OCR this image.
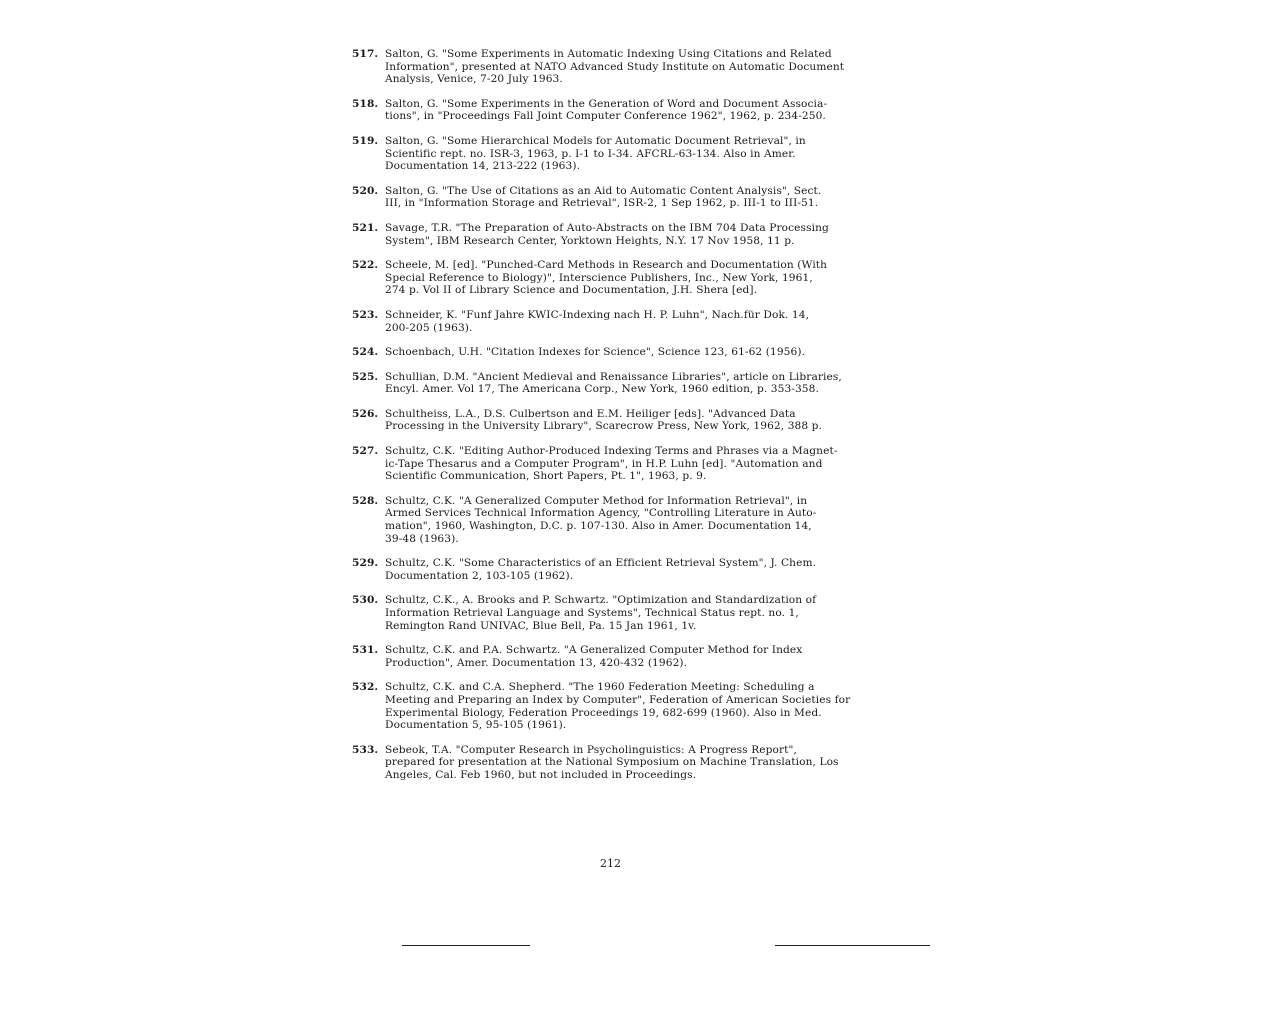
517. Salton, G. "Some Experiments in Automatic Indexing Using Citations and Related
Information", presented at NATO Advanced Study Institute on Automatic Document
Analysis, Venice, 7-20 July 1963.
518. Salton, G. "Some Experiments in the Generation of Word and Document Associa-
tions", in "Proceedings Fall Joint Computer Conference 1962", 1962, p. 234-250.
519. Salton, G. "Some Hierarchical Models for Automatic Document Retrieval", in
Scientific rept. no. ISR-3, 1963, p. I-1 to I-34. AFCRL-63-134. Also in Amer.
Documentation 14, 213-222 (1963).
520. Salton, G. "The Use of Citations as an Aid to Automatic Content Analysis", Sect.
III, in "Information Storage and Retrieval", ISR-2, 1 Sep 1962, p. III-1 to III-51.
521. Savage, T.R. "The Preparation of Auto-Abstracts on the IBM 704 Data Processing
System", IBM Research Center, Yorktown Heights, N.Y. 17 Nov 1958, 11 p.
522. Scheele, M. [ed]. "Punched-Card Methods in Research and Documentation (With
Special Reference to Biology)", Interscience Publishers, Inc., New York, 1961,
274 p. Vol II of Library Science and Documentation, J.H. Shera [ed].
523. Schneider, K. "Funf Jahre KWIC-Indexing nach H. P. Luhn", Nach.für Dok. 14,
200-205 (1963).
524. Schoenbach, U.H. "Citation Indexes for Science", Science 123, 61-62 (1956).
525. Schullian, D.M. "Ancient Medieval and Renaissance Libraries", article on Libraries,
Encyl. Amer. Vol 17, The Americana Corp., New York, 1960 edition, p. 353-358.
526. Schultheiss, L.A., D.S. Culbertson and E.M. Heiliger [eds]. "Advanced Data
Processing in the University Library", Scarecrow Press, New York, 1962, 388 p.
527. Schultz, C.K. "Editing Author-Produced Indexing Terms and Phrases via a Magnet-
ic-Tape Thesarus and a Computer Program", in H.P. Luhn [ed]. "Automation and
Scientific Communication, Short Papers, Pt. 1", 1963, p. 9.
528. Schultz, C.K. "A Generalized Computer Method for Information Retrieval", in
Armed Services Technical Information Agency, "Controlling Literature in Auto-
mation", 1960, Washington, D.C. p. 107-130. Also in Amer. Documentation 14,
39-48 (1963).
529. Schultz, C.K. "Some Characteristics of an Efficient Retrieval System", J. Chem.
Documentation 2, 103-105 (1962).
530. Schultz, C.K., A. Brooks and P. Schwartz. "Optimization and Standardization of
Information Retrieval Language and Systems", Technical Status rept. no. 1,
Remington Rand UNIVAC, Blue Bell, Pa. 15 Jan 1961, 1v.
531. Schultz, C.K. and P.A. Schwartz. "A Generalized Computer Method for Index
Production", Amer. Documentation 13, 420-432 (1962).
532. Schultz, C.K. and C.A. Shepherd. "The 1960 Federation Meeting: Scheduling a
Meeting and Preparing an Index by Computer", Federation of American Societies for
Experimental Biology, Federation Proceedings 19, 682-699 (1960). Also in Med.
Documentation 5, 95-105 (1961).
533. Sebeok, T.A. "Computer Research in Psycholinguistics: A Progress Report",
prepared for presentation at the National Symposium on Machine Translation, Los
Angeles, Cal. Feb 1960, but not included in Proceedings.
212
